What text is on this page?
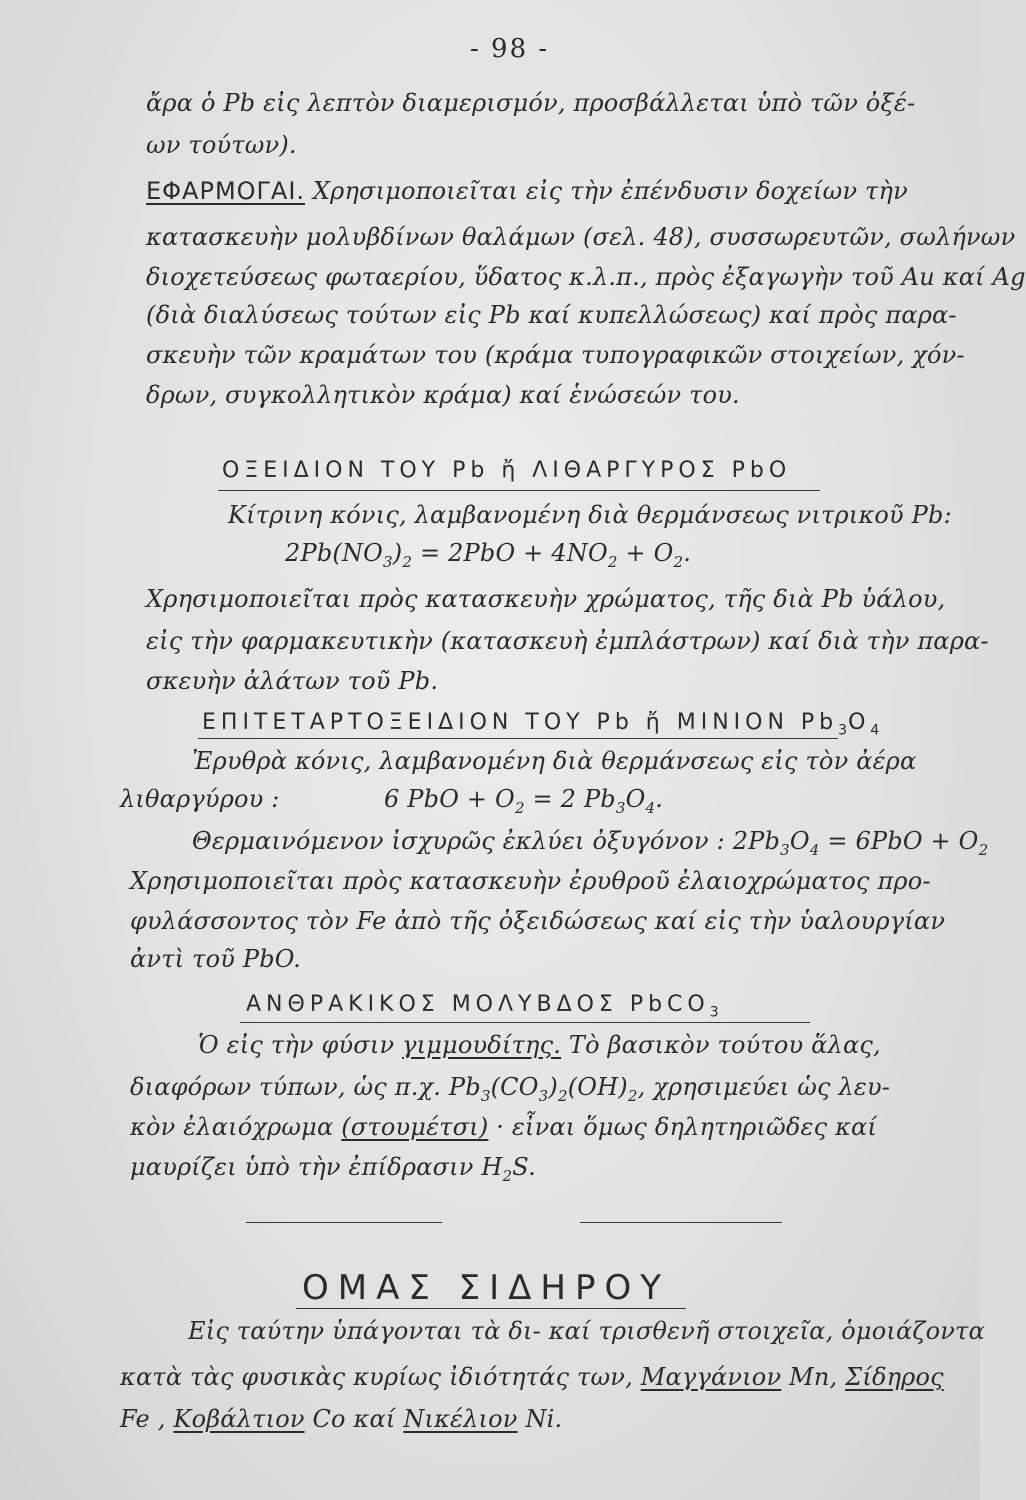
- 98 -
ἄρα ὁ Pb εἰς λεπτὸν διαμερισμόν, προσβάλλεται ὑπὸ τῶν ὀξέ-
ων τούτων).
ΕΦΑΡΜΟΓΑΙ. Χρησιμοποιεῖται εἰς τὴν ἐπένδυσιν δοχείων τὴν
κατασκευὴν μολυβδίνων θαλάμων (σελ. 48), συσσωρευτῶν, σωλήνων
διοχετεύσεως φωταερίου, ὕδατος κ.λ.π., πρὸς ἐξαγωγὴν τοῦ Au καί Ag
(διὰ διαλύσεως τούτων εἰς Pb καί κυπελλώσεως) καί πρὸς παρα-
σκευὴν τῶν κραμάτων του (κράμα τυπογραφικῶν στοιχείων, χόν-
δρων, συγκολλητικὸν κράμα) καί ἑνώσεών του.
ΟΞΕΙΔΙΟΝ ΤΟΥ Pb ἤ ΛΙΘΑΡΓΥΡΟΣ PbO
Κίτρινη κόνις, λαμβανομένη διὰ θερμάνσεως νιτρικοῦ Pb:
$2Pb(NO_3)_2 = 2PbO + 4NO_2 + O_2$.
Χρησιμοποιεῖται πρὸς κατασκευὴν χρώματος, τῆς διὰ Pb ὑάλου,
εἰς τὴν φαρμακευτικὴν (κατασκευὴ ἐμπλάστρων) καί διὰ τὴν παρα-
σκευὴν ἀλάτων τοῦ Pb.
ΕΠΙΤΕΤΑΡΤΟΞΕΙΔΙΟΝ ΤΟΥ Pb ἤ ΜΙΝΙΟΝ $Pb_3O_4$
Ἐρυθρὰ κόνις, λαμβανομένη διὰ θερμάνσεως εἰς τὸν ἀέρα
λιθαργύρου :	6 PbO + $O_2 = 2$ $Pb_3O_4$.
Θερμαινόμενον ἰσχυρῶς ἐκλύει ὀξυγόνον : $2Pb_3O_4 = 6PbO + O_2$
Χρησιμοποιεῖται πρὸς κατασκευὴν ἐρυθροῦ ἐλαιοχρώματος προ-
φυλάσσοντος τὸν Fe ἀπὸ τῆς ὀξειδώσεως καί εἰς τὴν ὑαλουργίαν
ἀντὶ τοῦ PbO.
ΑΝΘΡΑΚΙΚΟΣ ΜΟΛΥΒΔΟΣ PbCO$_3$
Ὁ εἰς τὴν φύσιν γιμμουδίτης. Τὸ βασικὸν τούτου ἅλας,
διαφόρων τύπων, ὡς π.χ. $Pb_3(CO_3)_2(OH)_2$, χρησιμεύει ὡς λευ-
κὸν ἐλαιόχρωμα (στουμέτσι) · εἶναι ὅμως δηλητηριῶδες καί
μαυρίζει ὑπὸ τὴν ἐπίδρασιν $H_2S$.
ΟΜΑΣ ΣΙΔΗΡΟΥ
Εἰς ταύτην ὑπάγονται τὰ δι- καί τρισθενῆ στοιχεῖα, ὁμοιάζοντα
κατὰ τὰς φυσικὰς κυρίως ἰδιότητάς των, Μαγγάνιον Mn, Σίδηρος
Fe , Κοβάλτιον Co καί Νικέλιον Ni.
